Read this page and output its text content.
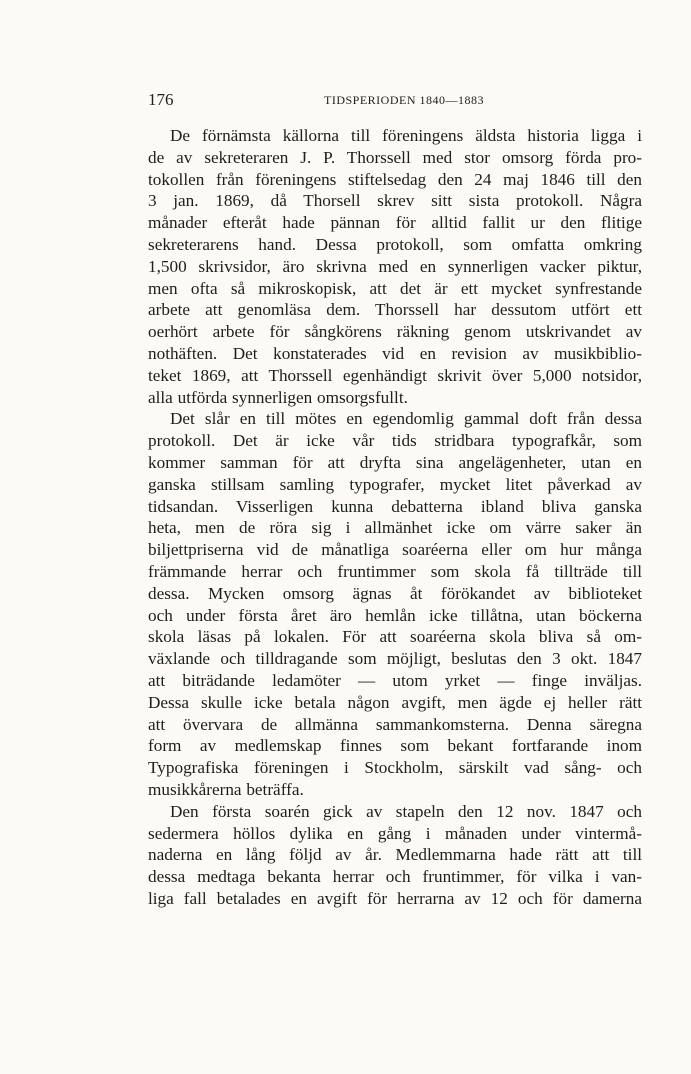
176	TIDSPERIODEN 1840—1883
De förnämsta källorna till föreningens äldsta historia ligga i
de av sekreteraren J. P. Thorssell med stor omsorg förda pro-
tokollen från föreningens stiftelsedag den 24 maj 1846 till den
3 jan. 1869, då Thorsell skrev sitt sista protokoll. Några
månader efteråt hade pännan för alltid fallit ur den flitige
sekreterarens hand. Dessa protokoll, som omfatta omkring
1,500 skrivsidor, äro skrivna med en synnerligen vacker piktur,
men ofta så mikroskopisk, att det är ett mycket synfrestande
arbete att genomläsa dem. Thorssell har dessutom utfört ett
oerhört arbete för sångkörens räkning genom utskrivandet av
nothäften. Det konstaterades vid en revision av musikbiblio-
teket 1869, att Thorssell egenhändigt skrivit över 5,000 notsidor,
alla utförda synnerligen omsorgsfullt.
Det slår en till mötes en egendomlig gammal doft från dessa
protokoll. Det är icke vår tids stridbara typografkår, som
kommer samman för att dryfta sina angelägenheter, utan en
ganska stillsam samling typografer, mycket litet påverkad av
tidsandan. Visserligen kunna debatterna ibland bliva ganska
heta, men de röra sig i allmänhet icke om värre saker än
biljettpriserna vid de månatliga soaréerna eller om hur många
främmande herrar och fruntimmer som skola få tillträde till
dessa. Mycken omsorg ägnas åt förökandet av biblioteket
och under första året äro hemlån icke tillåtna, utan böckerna
skola läsas på lokalen. För att soaréerna skola bliva så om-
växlande och tilldragande som möjligt, beslutas den 3 okt. 1847
att biträdande ledamöter — utom yrket — finge inväljas.
Dessa skulle icke betala någon avgift, men ägde ej heller rätt
att övervara de allmänna sammankomsterna. Denna säregna
form av medlemskap finnes som bekant fortfarande inom
Typografiska föreningen i Stockholm, särskilt vad sång- och
musikkårerna beträffa.
Den första soarén gick av stapeln den 12 nov. 1847 och
sedermera höllos dylika en gång i månaden under vintermå-
naderna en lång följd av år. Medlemmarna hade rätt att till
dessa medtaga bekanta herrar och fruntimmer, för vilka i van-
liga fall betalades en avgift för herrarna av 12 och för damerna
